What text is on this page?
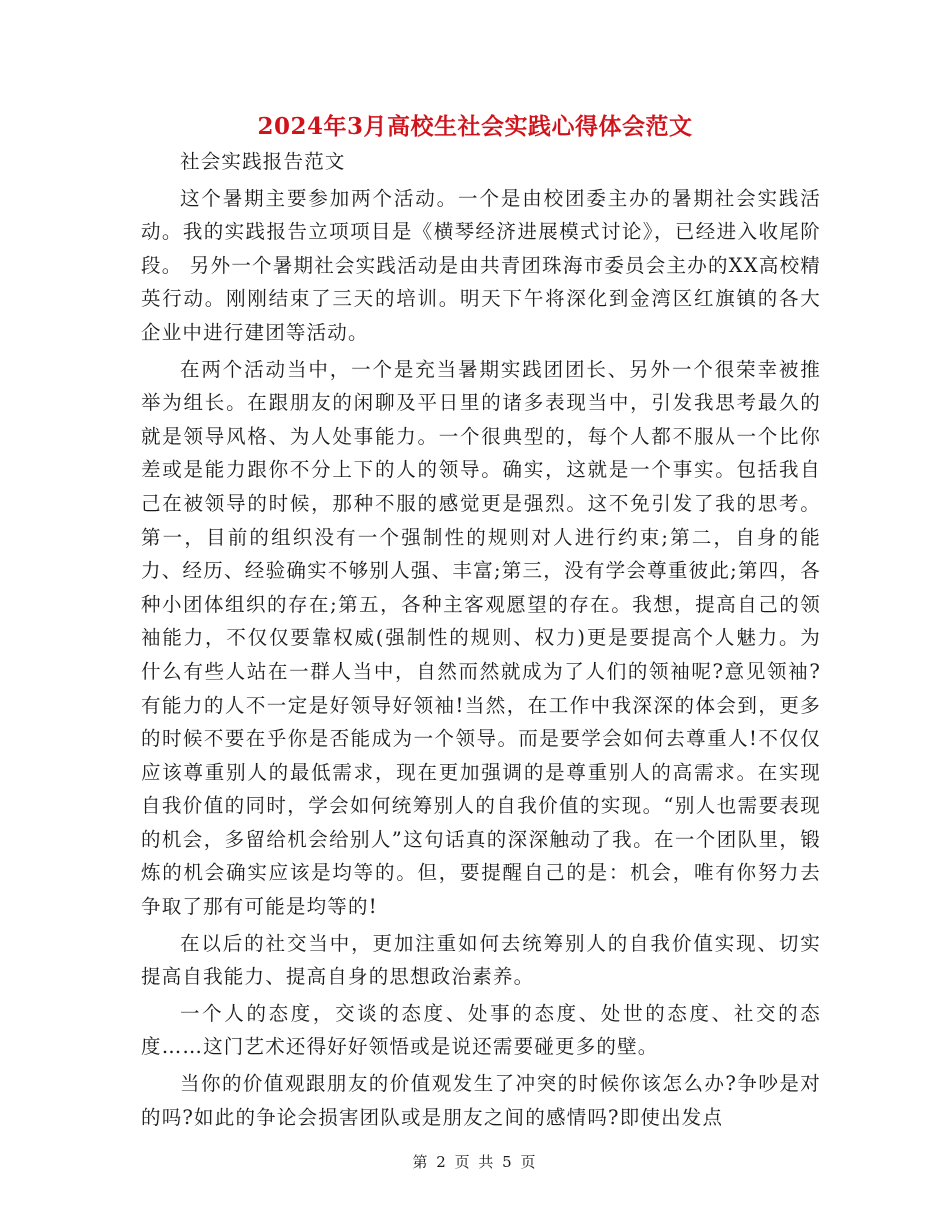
2024年3月高校生社会实践心得体会范文

社会实践报告范文

这个暑期主要参加两个活动。一个是由校团委主办的暑期社会实践活动。我的实践报告立项项目是《横琴经济进展模式讨论》，已经进入收尾阶段。 另外一个暑期社会实践活动是由共青团珠海市委员会主办的XX高校精英行动。刚刚结束了三天的培训。明天下午将深化到金湾区红旗镇的各大企业中进行建团等活动。

在两个活动当中，一个是充当暑期实践团团长、另外一个很荣幸被推举为组长。在跟朋友的闲聊及平日里的诸多表现当中，引发我思考最久的就是领导风格、为人处事能力。一个很典型的，每个人都不服从一个比你差或是能力跟你不分上下的人的领导。确实，这就是一个事实。包括我自己在被领导的时候，那种不服的感觉更是强烈。这不免引发了我的思考。第一，目前的组织没有一个强制性的规则对人进行约束;第二，自身的能力、经历、经验确实不够别人强、丰富;第三，没有学会尊重彼此;第四，各种小团体组织的存在;第五，各种主客观愿望的存在。我想，提高自己的领袖能力，不仅仅要靠权威(强制性的规则、权力)更是要提高个人魅力。为什么有些人站在一群人当中，自然而然就成为了人们的领袖呢?意见领袖?有能力的人不一定是好领导好领袖!当然，在工作中我深深的体会到，更多的时候不要在乎你是否能成为一个领导。而是要学会如何去尊重人!不仅仅应该尊重别人的最低需求，现在更加强调的是尊重别人的高需求。在实现自我价值的同时，学会如何统筹别人的自我价值的实现。“别人也需要表现的机会，多留给机会给别人”这句话真的深深触动了我。在一个团队里，锻炼的机会确实应该是均等的。但，要提醒自己的是：机会，唯有你努力去争取了那有可能是均等的!

在以后的社交当中，更加注重如何去统筹别人的自我价值实现、切实提高自我能力、提高自身的思想政治素养。

一个人的态度，交谈的态度、处事的态度、处世的态度、社交的态度……这门艺术还得好好领悟或是说还需要碰更多的壁。

当你的价值观跟朋友的价值观发生了冲突的时候你该怎么办?争吵是对的吗?如此的争论会损害团队或是朋友之间的感情吗?即使出发点

第 2 页 共 5 页
